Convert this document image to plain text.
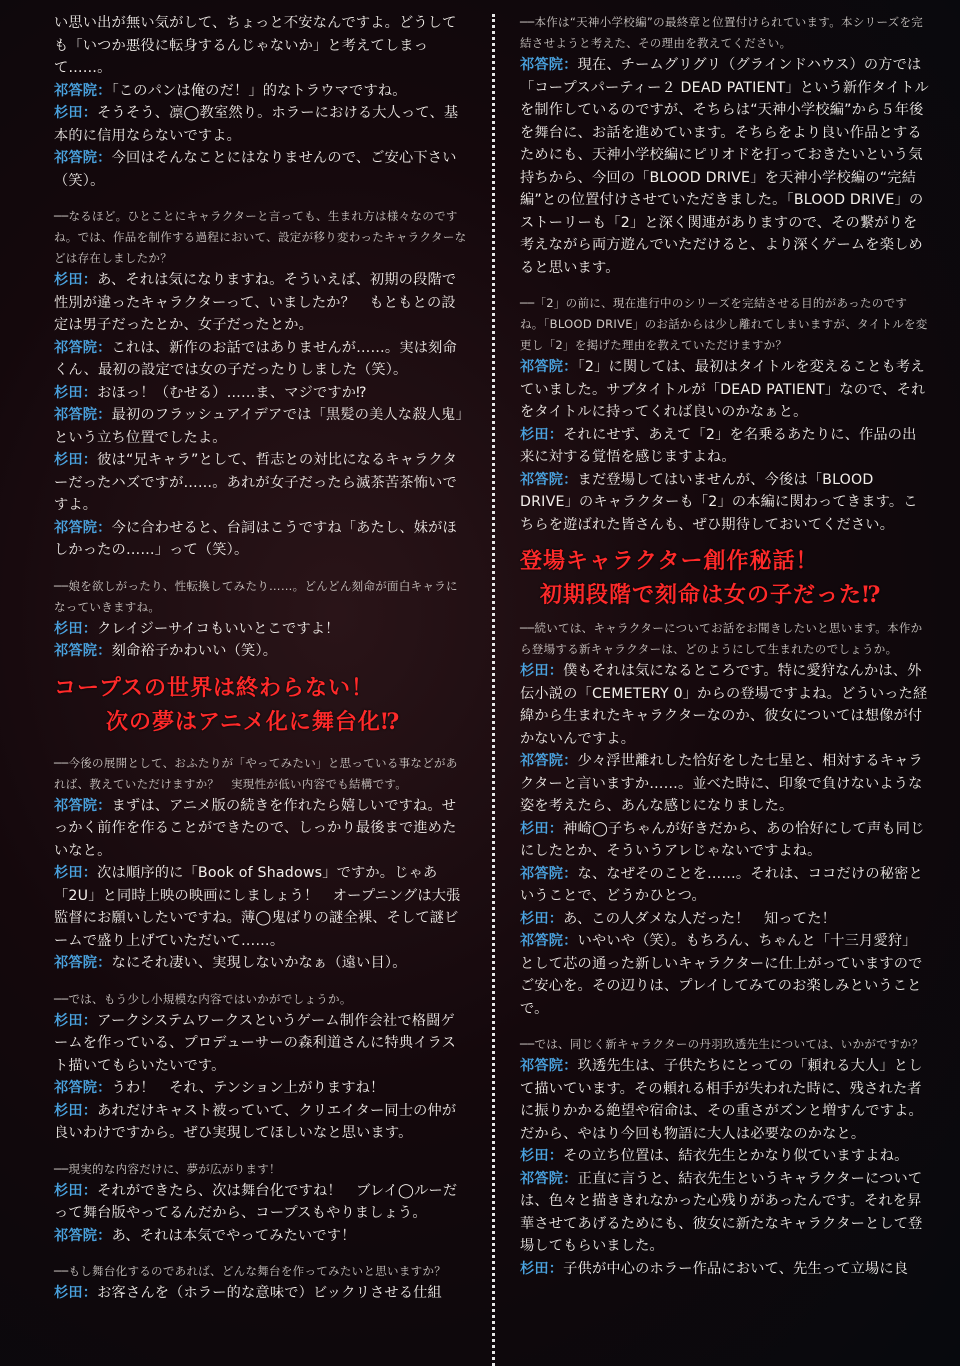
い思い出が無い気がして、ちょっと不安なんですよ。どうしても「いつか悪役に転身するんじゃないか」と考えてしまって……。

祁答院：「このパンは俺のだ！」的なトラウマですね。

杉田：そうそう、凛◯教室然り。ホラーにおける大人って、基本的に信用ならないですよ。

祁答院：今回はそんなことにはなりませんので、ご安心下さい（笑）。

──なるほど。ひとことにキャラクターと言っても、生まれ方は様々なのですね。では、作品を制作する過程において、設定が移り変わったキャラクターなどは存在しましたか？

杉田：あ、それは気になりますね。そういえば、初期の段階で性別が違ったキャラクターって、いましたか？　もともとの設定は男子だったとか、女子だったとか。

祁答院：これは、新作のお話ではありませんが……。実は刻命くん、最初の設定では女の子だったりしました（笑）。

杉田：おほっ！（むせる）……ま、マジですか⁉

祁答院：最初のフラッシュアイデアでは「黒髪の美人な殺人鬼」という立ち位置でしたよ。

杉田：彼は“兄キャラ”として、哲志との対比になるキャラクターだったハズですが……。あれが女子だったら滅茶苦茶怖いですよ。

祁答院：今に合わせると、台詞はこうですね「あたし、妹がほしかったの……」って（笑）。

──娘を欲しがったり、性転換してみたり……。どんどん刻命が面白キャラになっていきますね。

杉田：クレイジーサイコもいいとこですよ！

祁答院：刻命裕子かわいい（笑）。

コープスの世界は終わらない！
次の夢はアニメ化に舞台化⁉

──今後の展開として、おふたりが「やってみたい」と思っている事などがあれば、教えていただけますか？　実現性が低い内容でも結構です。

祁答院：まずは、アニメ版の続きを作れたら嬉しいですね。せっかく前作を作ることができたので、しっかり最後まで進めたいなと。

杉田：次は順序的に「Book of Shadows」ですか。じゃあ「2U」と同時上映の映画にしましょう！　オープニングは大張監督にお願いしたいですね。薄◯鬼ばりの謎全裸、そして謎ビームで盛り上げていただいて……。

祁答院：なにそれ凄い、実現しないかなぁ（遠い目）。

──では、もう少し小規模な内容ではいかがでしょうか。

杉田：アークシステムワークスというゲーム制作会社で格闘ゲームを作っている、プロデューサーの森利道さんに特典イラスト描いてもらいたいです。

祁答院：うわ！　それ、テンション上がりますね！

杉田：あれだけキャスト被っていて、クリエイター同士の仲が良いわけですから。ぜひ実現してほしいなと思います。

──現実的な内容だけに、夢が広がります！

杉田：それができたら、次は舞台化ですね！　ブレイ◯ルーだって舞台版やってるんだから、コープスもやりましょう。

祁答院：あ、それは本気でやってみたいです！

──もし舞台化するのであれば、どんな舞台を作ってみたいと思いますか？

杉田：お客さんを（ホラー的な意味で）ビックリさせる仕組

──本作は“天神小学校編”の最終章と位置付けられています。本シリーズを完結させようと考えた、その理由を教えてください。

祁答院：現在、チームグリグリ（グラインドハウス）の方では「コープスパーティー２ DEAD PATIENT」という新作タイトルを制作しているのですが、そちらは“天神小学校編”から５年後を舞台に、お話を進めています。そちらをより良い作品とするためにも、天神小学校編にピリオドを打っておきたいという気持ちから、今回の「BLOOD DRIVE」を天神小学校編の“完結編”との位置付けさせていただきました。「BLOOD DRIVE」のストーリーも「2」と深く関連がありますので、その繋がりを考えながら両方遊んでいただけると、より深くゲームを楽しめると思います。

──「2」の前に、現在進行中のシリーズを完結させる目的があったのですね。「BLOOD DRIVE」のお話からは少し離れてしまいますが、タイトルを変更し「2」を掲げた理由を教えていただけますか？

祁答院：「2」に関しては、最初はタイトルを変えることも考えていました。サブタイトルが「DEAD PATIENT」なので、それをタイトルに持ってくれば良いのかなぁと。

杉田：それにせず、あえて「2」を名乗るあたりに、作品の出来に対する覚悟を感じますよね。

祁答院：まだ登場してはいませんが、今後は「BLOOD DRIVE」のキャラクターも「2」の本編に関わってきます。こちらを遊ばれた皆さんも、ぜひ期待しておいてください。

登場キャラクター創作秘話！
初期段階で刻命は女の子だった⁉

──続いては、キャラクターについてお話をお聞きしたいと思います。本作から登場する新キャラクターは、どのようにして生まれたのでしょうか。

杉田：僕もそれは気になるところです。特に愛狩なんかは、外伝小説の「CEMETERY 0」からの登場ですよね。どういった経緯から生まれたキャラクターなのか、彼女については想像が付かないんですよ。

祁答院：少々浮世離れした恰好をした七星と、相対するキャラクターと言いますか……。並べた時に、印象で負けないような姿を考えたら、あんな感じになりました。

杉田：神崎◯子ちゃんが好きだから、あの恰好にして声も同じにしたとか、そういうアレじゃないですよね。

祁答院：な、なぜそのことを……。それは、ココだけの秘密ということで、どうかひとつ。

杉田：あ、この人ダメな人だった！　知ってた！

祁答院：いやいや（笑）。もちろん、ちゃんと「十三月愛狩」として芯の通った新しいキャラクターに仕上がっていますのでご安心を。その辺りは、プレイしてみてのお楽しみということで。

──では、同じく新キャラクターの丹羽玖透先生については、いかがですか？

祁答院：玖透先生は、子供たちにとっての「頼れる大人」として描いています。その頼れる相手が失われた時に、残された者に振りかかる絶望や宿命は、その重さがズンと増すんですよ。だから、やはり今回も物語に大人は必要なのかなと。

杉田：その立ち位置は、結衣先生とかなり似ていますよね。

祁答院：正直に言うと、結衣先生というキャラクターについては、色々と描ききれなかった心残りがあったんです。それを昇華させてあげるためにも、彼女に新たなキャラクターとして登場してもらいました。

杉田：子供が中心のホラー作品において、先生って立場に良
